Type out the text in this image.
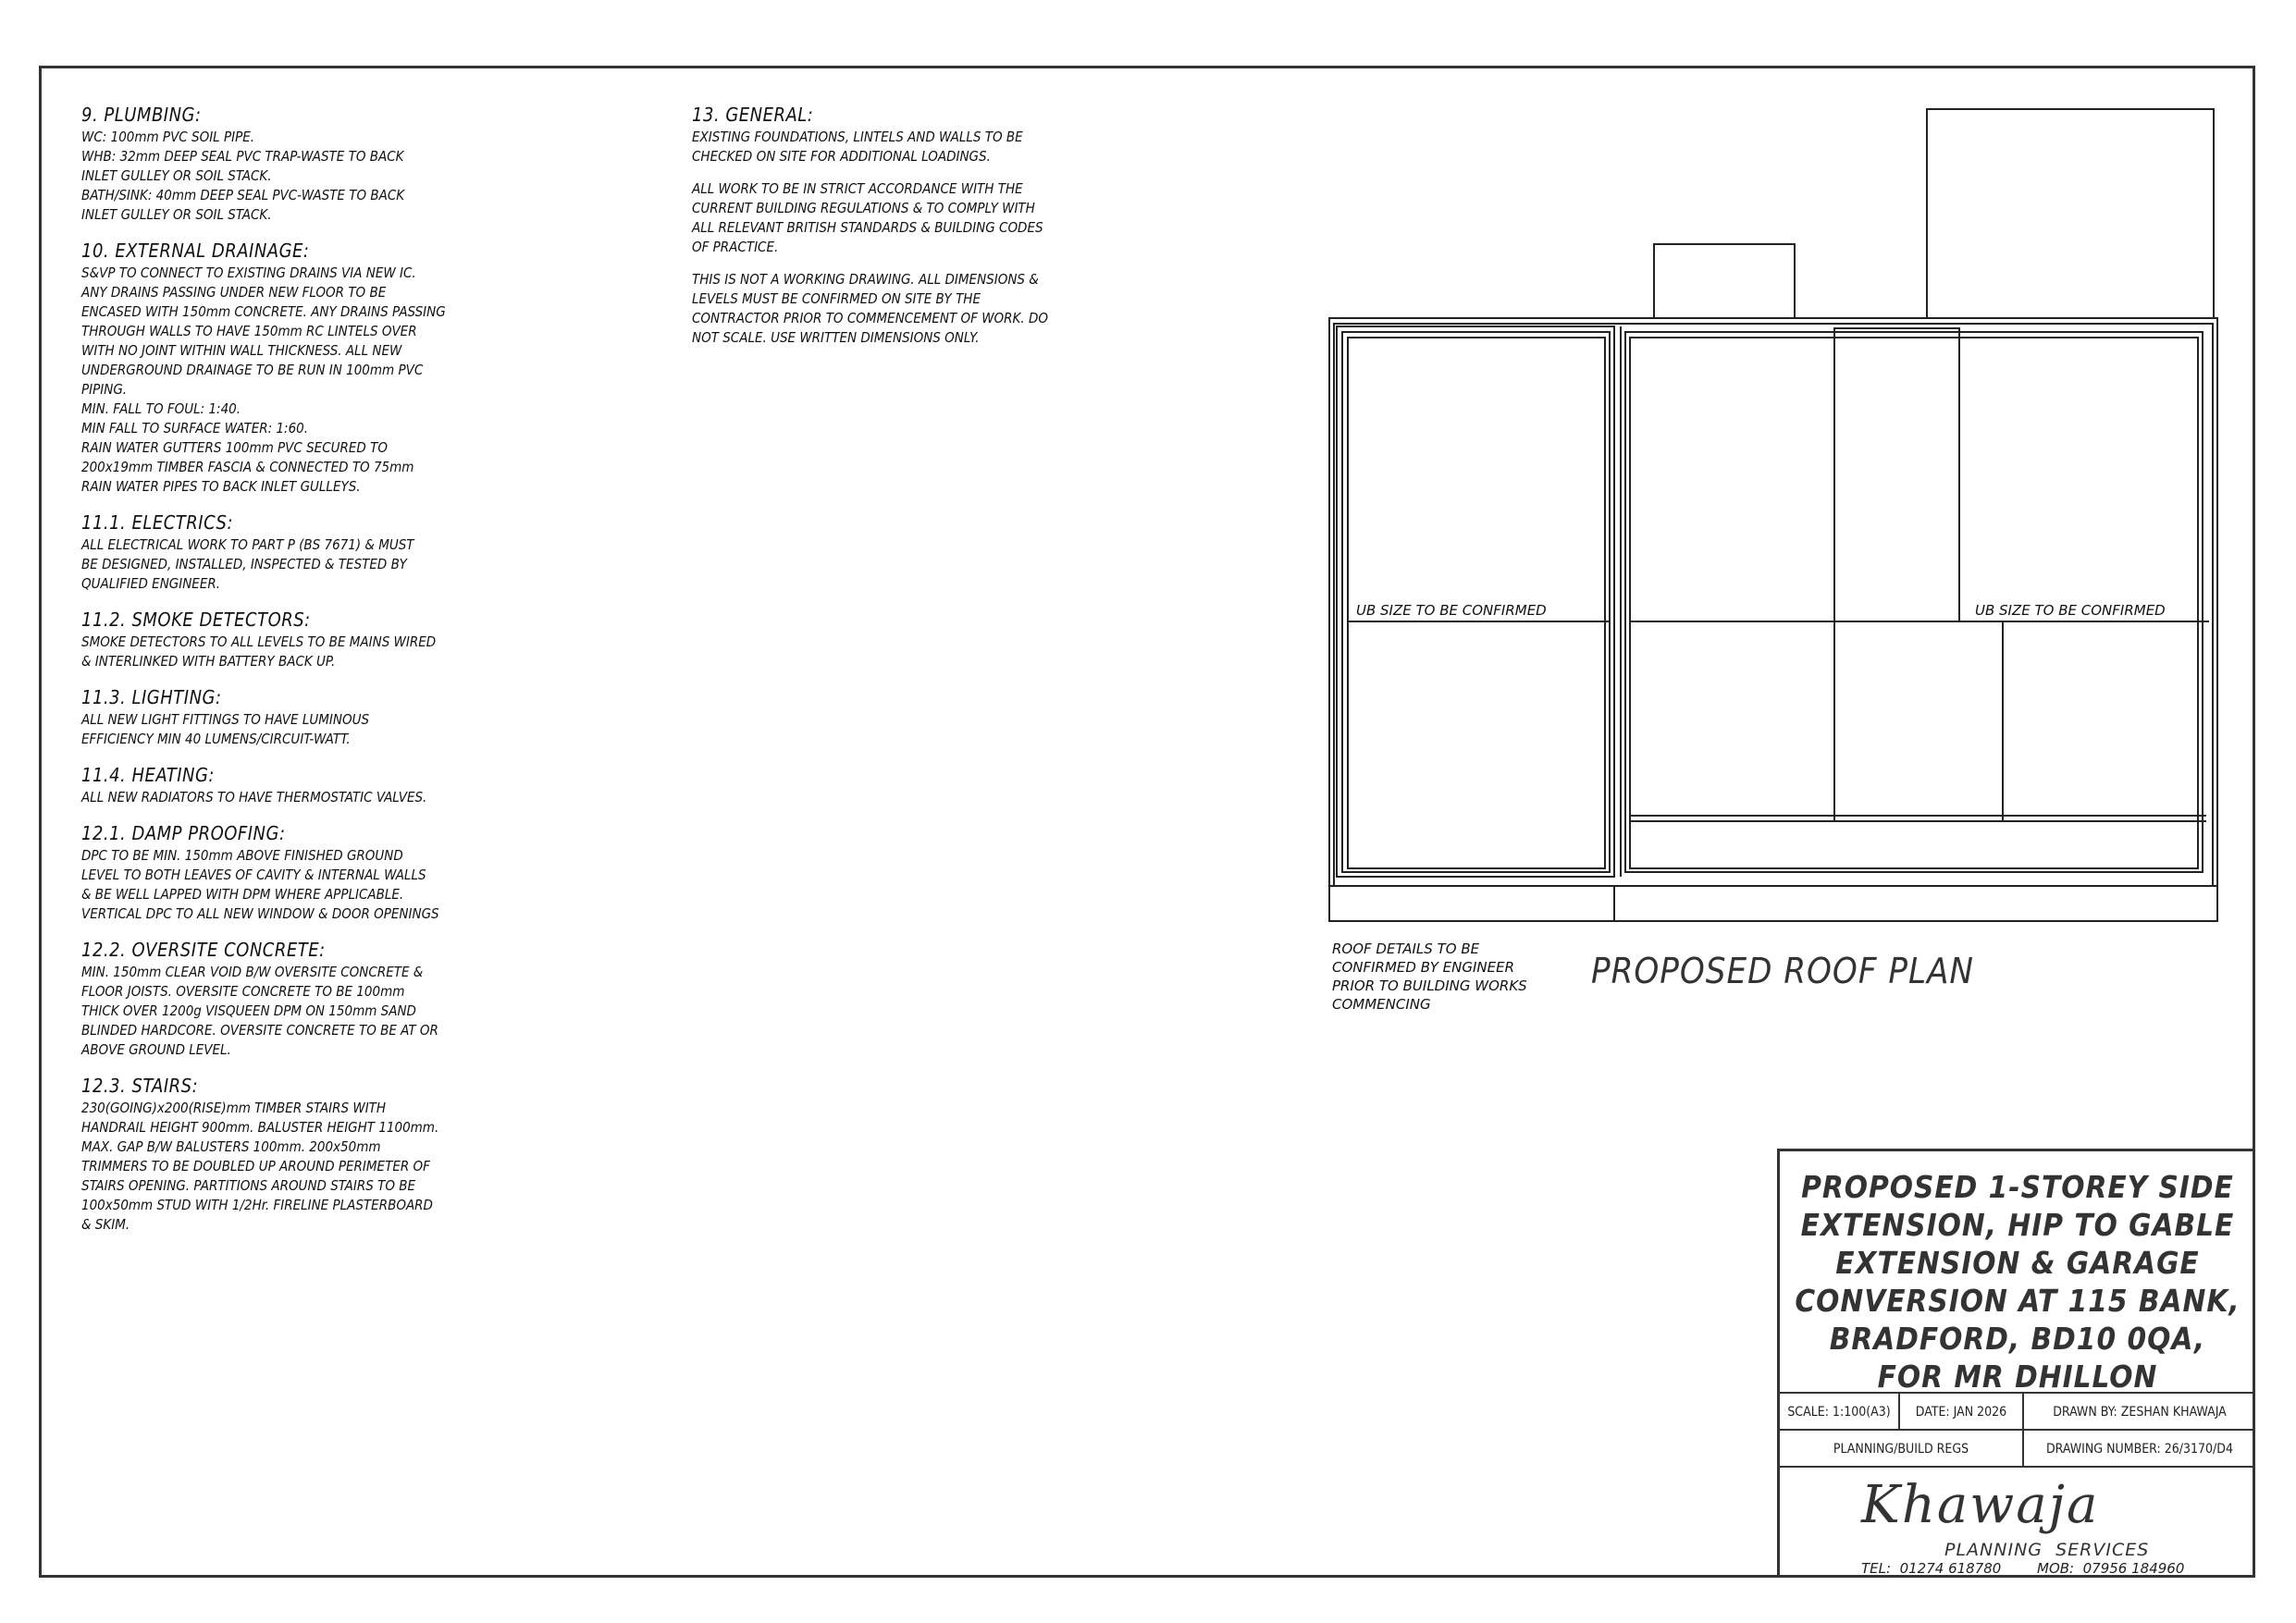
9. PLUMBING:
WC: 100mm PVC SOIL PIPE.
WHB: 32mm DEEP SEAL PVC TRAP-WASTE TO BACK
INLET GULLEY OR SOIL STACK.
BATH/SINK: 40mm DEEP SEAL PVC-WASTE TO BACK
INLET GULLEY OR SOIL STACK.
10. EXTERNAL DRAINAGE:
S&VP TO CONNECT TO EXISTING DRAINS VIA NEW IC.
ANY DRAINS PASSING UNDER NEW FLOOR TO BE
ENCASED WITH 150mm CONCRETE. ANY DRAINS PASSING
THROUGH WALLS TO HAVE 150mm RC LINTELS OVER
WITH NO JOINT WITHIN WALL THICKNESS. ALL NEW
UNDERGROUND DRAINAGE TO BE RUN IN 100mm PVC
PIPING.
MIN. FALL TO FOUL: 1:40.
MIN FALL TO SURFACE WATER: 1:60.
RAIN WATER GUTTERS 100mm PVC SECURED TO
200x19mm TIMBER FASCIA & CONNECTED TO 75mm
RAIN WATER PIPES TO BACK INLET GULLEYS.
11.1. ELECTRICS:
ALL ELECTRICAL WORK TO PART P (BS 7671) & MUST
BE DESIGNED, INSTALLED, INSPECTED & TESTED BY
QUALIFIED ENGINEER.
11.2. SMOKE DETECTORS:
SMOKE DETECTORS TO ALL LEVELS TO BE MAINS WIRED
& INTERLINKED WITH BATTERY BACK UP.
11.3. LIGHTING:
ALL NEW LIGHT FITTINGS TO HAVE LUMINOUS
EFFICIENCY MIN 40 LUMENS/CIRCUIT-WATT.
11.4. HEATING:
ALL NEW RADIATORS TO HAVE THERMOSTATIC VALVES.
12.1. DAMP PROOFING:
DPC TO BE MIN. 150mm ABOVE FINISHED GROUND
LEVEL TO BOTH LEAVES OF CAVITY & INTERNAL WALLS
& BE WELL LAPPED WITH DPM WHERE APPLICABLE.
VERTICAL DPC TO ALL NEW WINDOW & DOOR OPENINGS
12.2. OVERSITE CONCRETE:
MIN. 150mm CLEAR VOID B/W OVERSITE CONCRETE &
FLOOR JOISTS. OVERSITE CONCRETE TO BE 100mm
THICK OVER 1200g VISQUEEN DPM ON 150mm SAND
BLINDED HARDCORE. OVERSITE CONCRETE TO BE AT OR
ABOVE GROUND LEVEL.
12.3. STAIRS:
230(GOING)x200(RISE)mm TIMBER STAIRS WITH
HANDRAIL HEIGHT 900mm. BALUSTER HEIGHT 1100mm.
MAX. GAP B/W BALUSTERS 100mm. 200x50mm
TRIMMERS TO BE DOUBLED UP AROUND PERIMETER OF
STAIRS OPENING. PARTITIONS AROUND STAIRS TO BE
100x50mm STUD WITH 1/2Hr. FIRELINE PLASTERBOARD
& SKIM.
13. GENERAL:
EXISTING FOUNDATIONS, LINTELS AND WALLS TO BE
CHECKED ON SITE FOR ADDITIONAL LOADINGS.
ALL WORK TO BE IN STRICT ACCORDANCE WITH THE
CURRENT BUILDING REGULATIONS & TO COMPLY WITH
ALL RELEVANT BRITISH STANDARDS & BUILDING CODES
OF PRACTICE.
THIS IS NOT A WORKING DRAWING. ALL DIMENSIONS &
LEVELS MUST BE CONFIRMED ON SITE BY THE
CONTRACTOR PRIOR TO COMMENCEMENT OF WORK. DO
NOT SCALE. USE WRITTEN DIMENSIONS ONLY.
UB SIZE TO BE CONFIRMED	UB SIZE TO BE CONFIRMED
ROOF DETAILS TO BE
CONFIRMED BY ENGINEER
PRIOR TO BUILDING WORKS
COMMENCING
PROPOSED ROOF PLAN
PROPOSED 1-STOREY SIDE
EXTENSION, HIP TO GABLE
EXTENSION & GARAGE
CONVERSION AT 115 BANK,
BRADFORD, BD10 0QA,
FOR MR DHILLON
SCALE: 1:100(A3)	DATE: JAN 2026	DRAWN BY: ZESHAN KHAWAJA
PLANNING/BUILD REGS	DRAWING NUMBER: 26/3170/D4
Khawaja
PLANNING  SERVICES
TEL:  01274 618780	MOB:  07956 184960
